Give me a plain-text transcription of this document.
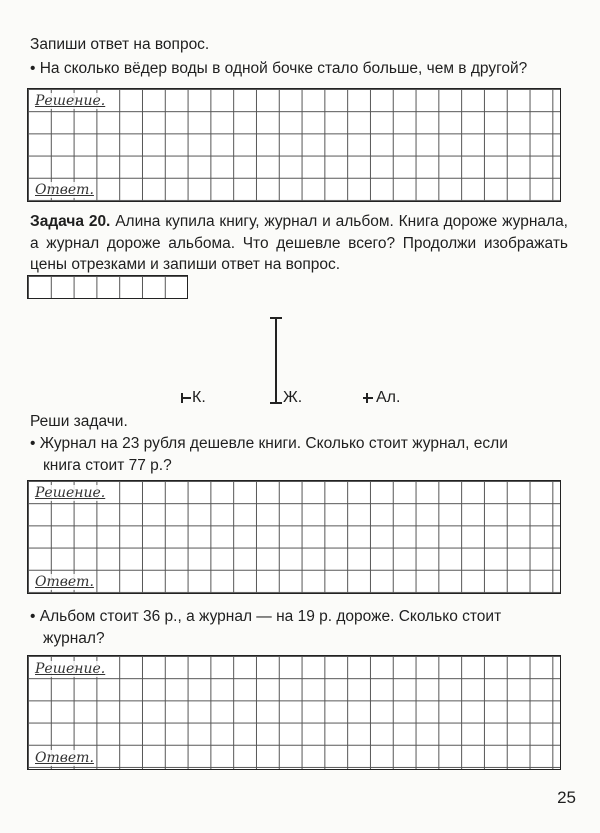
Запиши ответ на вопрос.
• На сколько вёдер воды в одной бочке стало больше, чем в другой?
Решение.
Ответ.
Задача 20. Алина купила книгу, журнал и альбом. Книга дороже журнала, а журнал дороже альбома. Что дешевле всего? Продолжи изображать цены отрезками и запиши ответ на вопрос.
К.	Ж.	Ал.
Реши задачи.
• Журнал на 23 рубля дешевле книги. Сколько стоит журнал, если
книга стоит 77 р.?
Решение.
Ответ.
• Альбом стоит 36 р., а журнал — на 19 р. дороже. Сколько стоит
журнал?
Решение.
Ответ.
25
